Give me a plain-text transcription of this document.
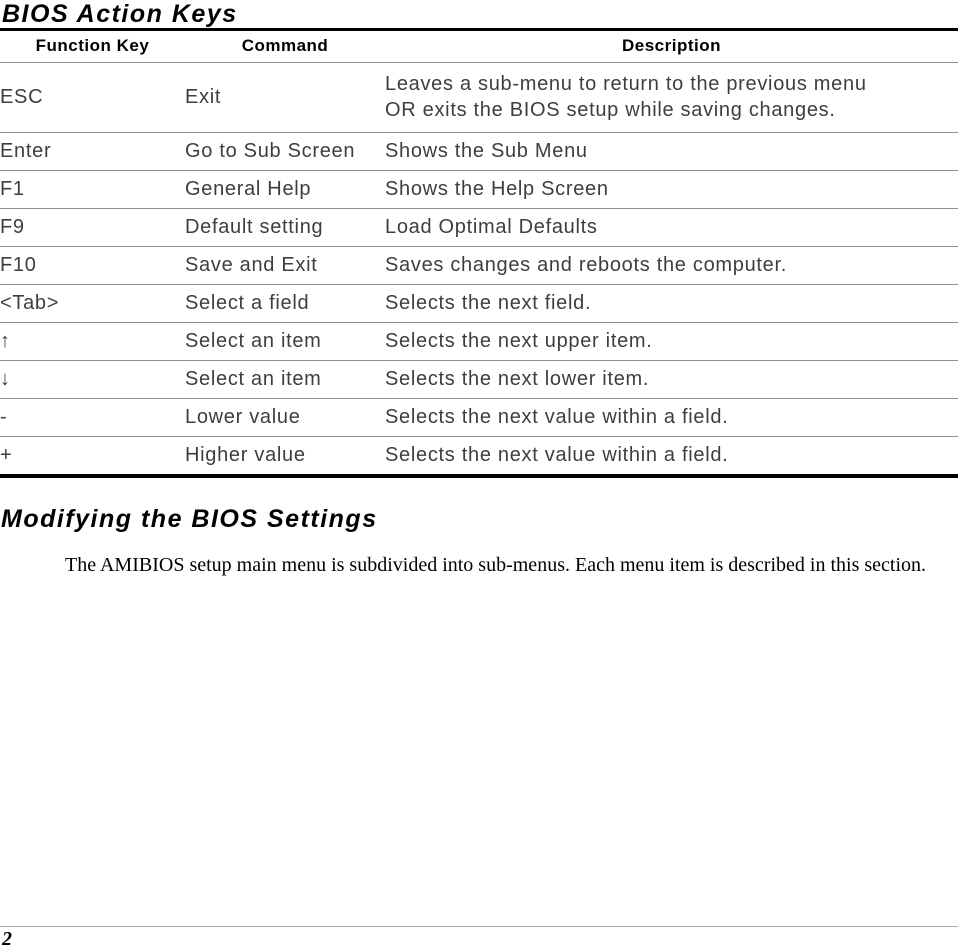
BIOS Action Keys
Function Key	Command	Description
ESC	Exit	Leaves a sub-menu to return to the previous menu OR exits the BIOS setup while saving changes.

Enter	Go to Sub Screen	Shows the Sub Menu

F1	General Help	Shows the Help Screen

F9	Default setting	Load Optimal Defaults

F10	Save and Exit	Saves changes and reboots the computer.

<Tab>	Select a field	Selects the next field.

↑	Select an item	Selects the next upper item.

↓	Select an item	Selects the next lower item.

-	Lower value	Selects the next value within a field.

+	Higher value	Selects the next value within a field.
Modifying the BIOS Settings

The AMIBIOS setup main menu is subdivided into sub-menus. Each menu item is described in this section.

2
